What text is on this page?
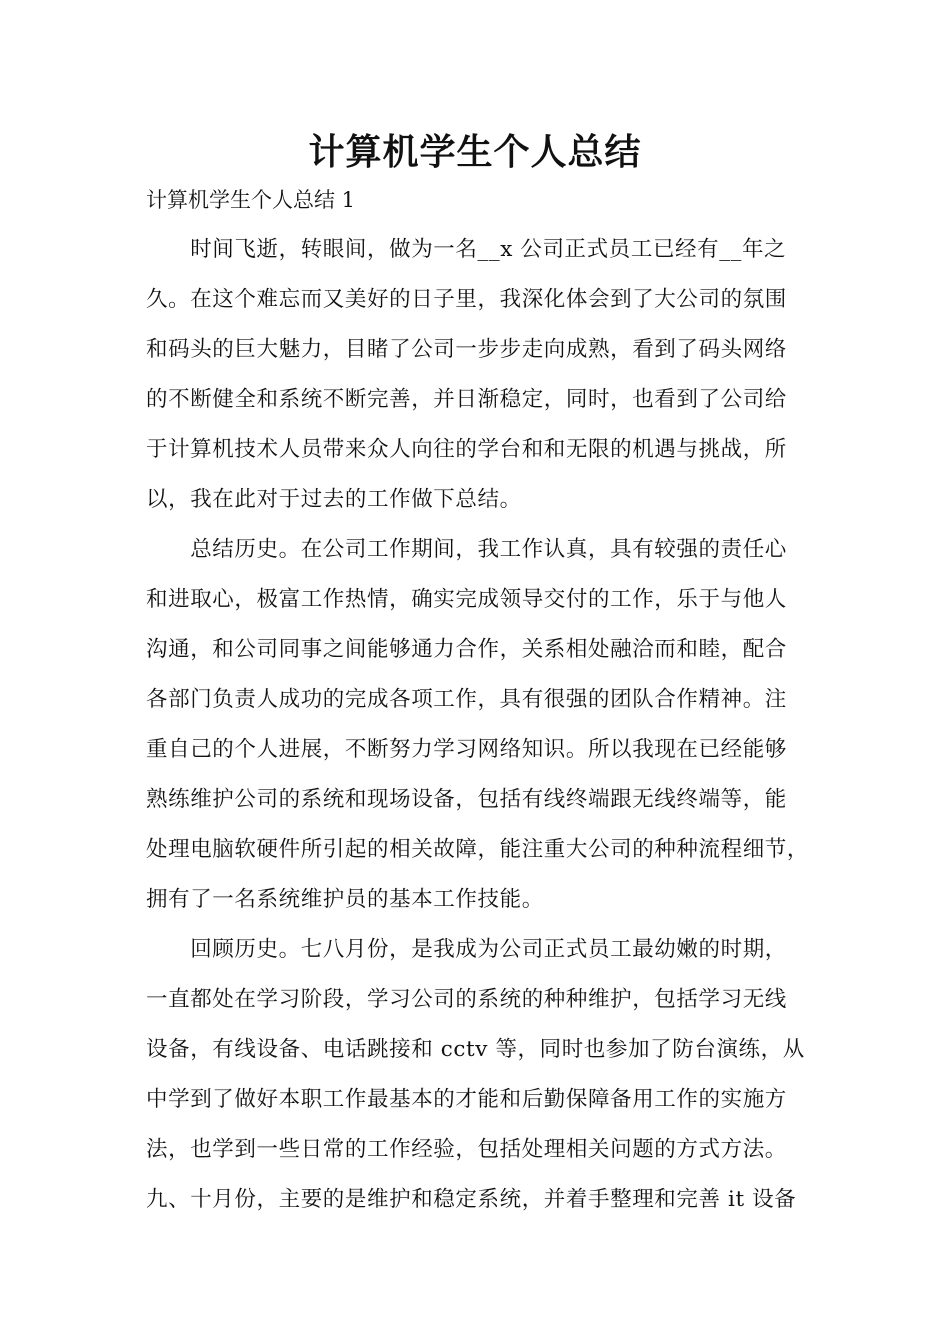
计算机学生个人总结
计算机学生个人总结 1
　　时间飞逝，转眼间，做为一名__x 公司正式员工已经有__年之
久。在这个难忘而又美好的日子里，我深化体会到了大公司的氛围
和码头的巨大魅力，目睹了公司一步步走向成熟，看到了码头网络
的不断健全和系统不断完善，并日渐稳定，同时，也看到了公司给
于计算机技术人员带来众人向往的学台和和无限的机遇与挑战，所
以，我在此对于过去的工作做下总结。
　　总结历史。在公司工作期间，我工作认真，具有较强的责任心
和进取心，极富工作热情，确实完成领导交付的工作，乐于与他人
沟通，和公司同事之间能够通力合作，关系相处融洽而和睦，配合
各部门负责人成功的完成各项工作，具有很强的团队合作精神。注
重自己的个人进展，不断努力学习网络知识。所以我现在已经能够
熟练维护公司的系统和现场设备，包括有线终端跟无线终端等，能
处理电脑软硬件所引起的相关故障，能注重大公司的种种流程细节，
拥有了一名系统维护员的基本工作技能。
　　回顾历史。七八月份，是我成为公司正式员工最幼嫩的时期，
一直都处在学习阶段，学习公司的系统的种种维护，包括学习无线
设备，有线设备、电话跳接和 cctv 等，同时也参加了防台演练，从
中学到了做好本职工作最基本的才能和后勤保障备用工作的实施方
法，也学到一些日常的工作经验，包括处理相关问题的方式方法。
九、十月份，主要的是维护和稳定系统，并着手整理和完善 it 设备
